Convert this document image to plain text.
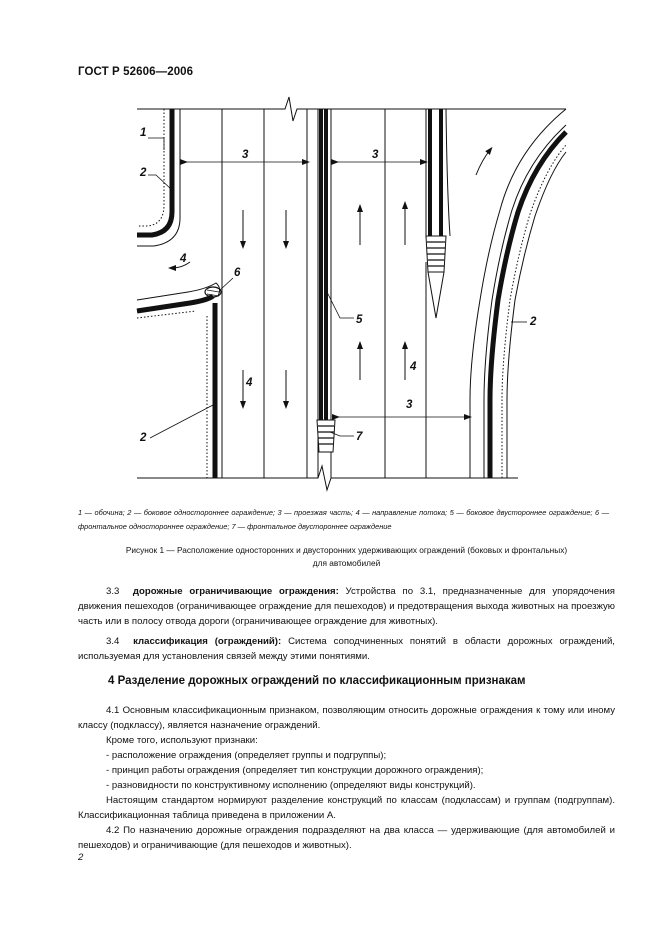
ГОСТ Р 52606—2006
1
2
3	3
4
6
4
5
4
2
3
2	7
1 — обочина; 2 — боковое одностороннее ограждение; 3 — проезжая часть; 4 — направление потока; 5 — боковое двустороннее ограждение; 6 — фронтальное одностороннее ограждение; 7 — фронтальное двустороннее ограждение
Рисунок 1 — Расположение односторонних и двусторонних удерживающих ограждений (боковых и фронтальных)
для автомобилей
3.3 дорожные ограничивающие ограждения: Устройства по 3.1, предназначенные для упорядочения движения пешеходов (ограничивающее ограждение для пешеходов) и предотвращения выхода животных на проезжую часть или в полосу отвода дороги (ограничивающее ограждение для животных).
3.4 классификация (ограждений): Система соподчиненных понятий в области дорожных ограждений, используемая для установления связей между этими понятиями.
4 Разделение дорожных ограждений по классификационным признакам
4.1 Основным классификационным признаком, позволяющим относить дорожные ограждения к тому или иному классу (подклассу), является назначение ограждений.
Кроме того, используют признаки:
- расположение ограждения (определяет группы и подгруппы);
- принцип работы ограждения (определяет тип конструкции дорожного ограждения);
- разновидности по конструктивному исполнению (определяют виды конструкций).
Настоящим стандартом нормируют разделение конструкций по классам (подклассам) и группам (подгруппам). Классификационная таблица приведена в приложении А.
4.2 По назначению дорожные ограждения подразделяют на два класса — удерживающие (для автомобилей и пешеходов) и ограничивающие (для пешеходов и животных).
2
